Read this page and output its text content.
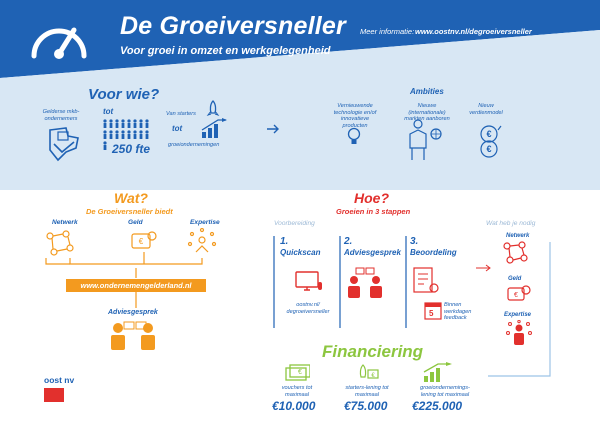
De Groeiversneller
Voor groei in omzet en werkgelegenheid
Meer informatie: www.oostnv.nl/degroeiversneller
Voor wie?
Gelderse mkb-ondernemers
tot
250 fte
Van starters
tot
groeiondernemingen
Ambities
Vernieuwende technologie en/of innovatieve producten
Nieuwe (internationale) markten aanboren
Nieuw verdienmodel
€
€
Wat?
De Groeiversneller biedt
Netwerk	Geld	Expertise
€
www.ondernemengelderland.nl
Adviesgesprek
oost nv
Hoe?
Groeien in 3 stappen
Voorbereiding
1.
Quickscan
oostnv.nl/ degroeiversneller
2.
Adviesgesprek
3.
Beoordeling
5
Binnen werkdagen feedback
Wat heb je nodig
Netwerk
Geld
€
Expertise
Financiering
€
vouchers tot maximaal
€10.000
€
starters-lening tot maximaal
€75.000
groeiondernemings-lening tot maximaal
€225.000
